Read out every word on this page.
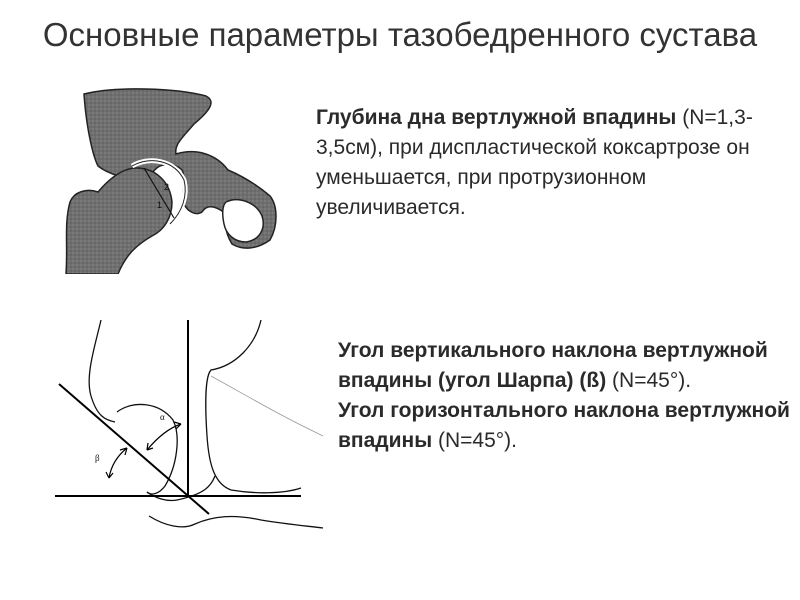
Основные параметры тазобедренного сустава
2
1
Глубина дна вертлужной впадины (N=1,3-3,5см), при диспластической коксартрозе он уменьшается, при протрузионном увеличивается.
α
β
Угол вертикального наклона вертлужной впадины (угол Шарпа) (ß) (N=45°).
Угол горизонтального наклона вертлужной впадины (N=45°).
